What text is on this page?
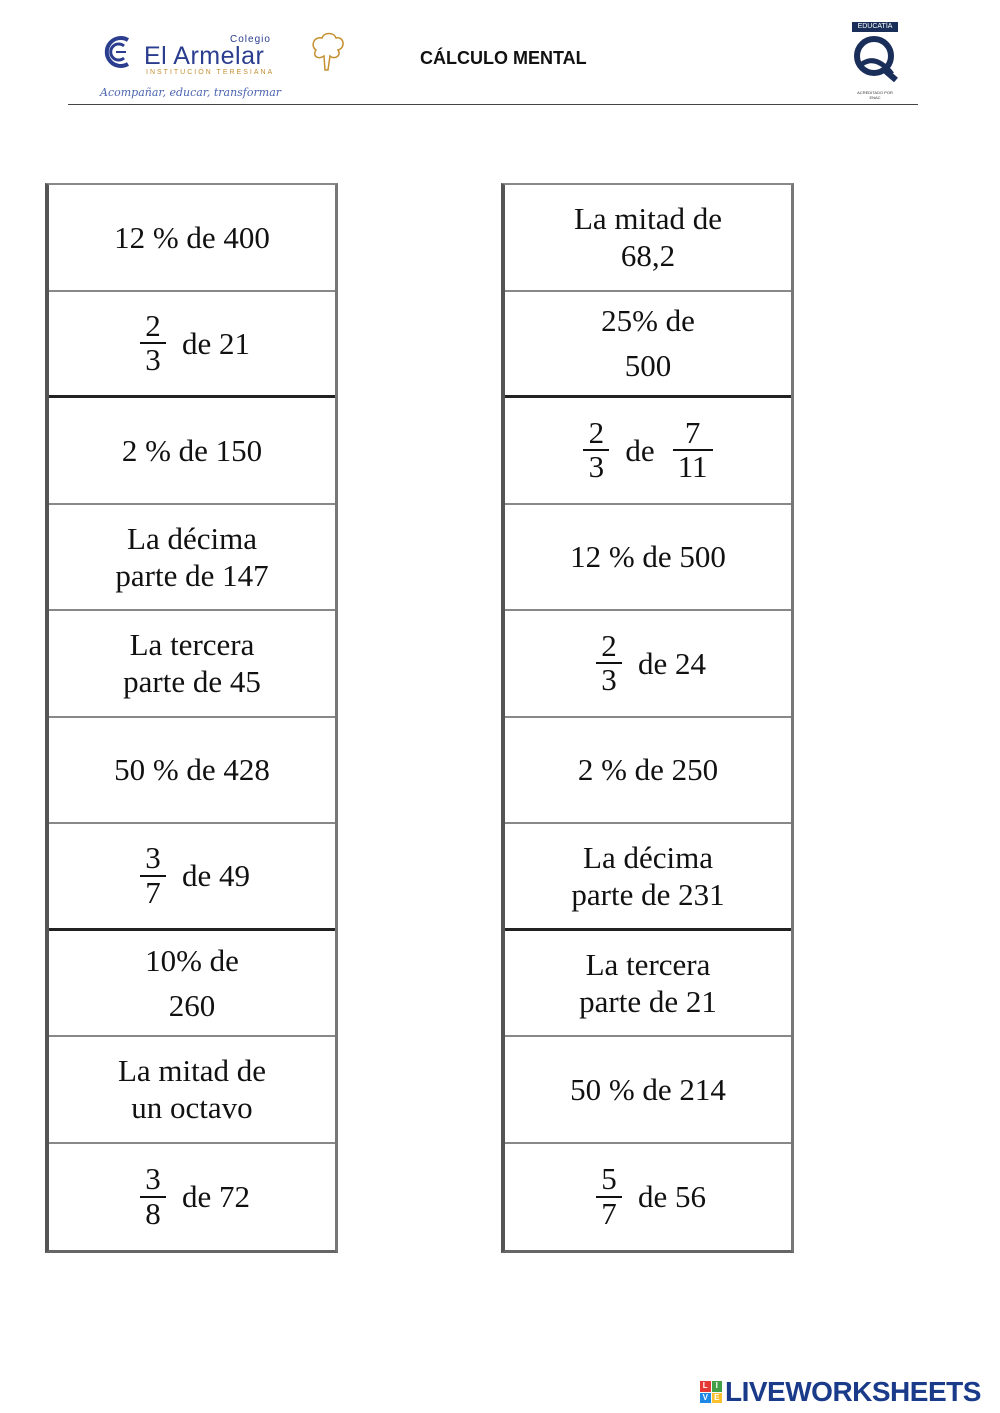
Colegio
El Armelar
INSTITUCIÓN TERESIANA
Acompañar, educar, transformar
CÁLCULO MENTAL
EDUCATÍA
ACREDITADO POR ENAC
12 % de 400
$\frac{2}{3}$ de 21
2 % de 150
La décima
parte de 147
La tercera
parte de 45
50 % de 428
$\frac{3}{7}$ de 49
10% de
260
La mitad de
un octavo
$\frac{3}{8}$ de 72
La mitad de
68,2
25% de
500
$\frac{2}{3}$ de $\frac{7}{11}$
12 % de 500
$\frac{2}{3}$ de 24
2 % de 250
La décima
parte de 231
La tercera
parte de 21
50 % de 214
$\frac{5}{7}$ de 56
L I
V E LIVEWORKSHEETS
